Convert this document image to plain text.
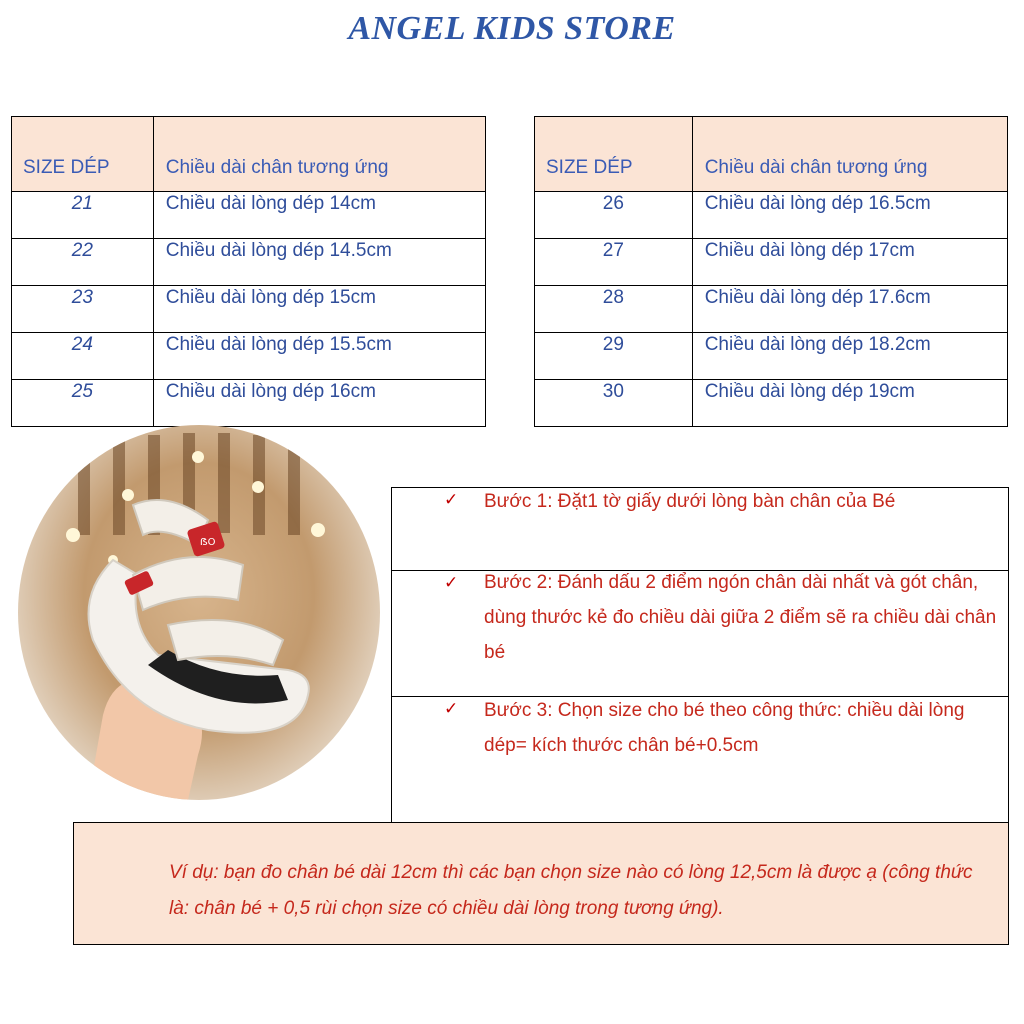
ANGEL KIDS STORE
SIZE DÉP	Chiều dài chân tương ứng
21	Chiều dài lòng dép 14cm
22	Chiều dài lòng dép 14.5cm
23	Chiều dài lòng dép 15cm
24	Chiều dài lòng dép 15.5cm
25	Chiều dài lòng dép 16cm
SIZE DÉP	Chiều dài chân tương ứng
26	Chiều dài lòng dép 16.5cm
27	Chiều dài lòng dép 17cm
28	Chiều dài lòng dép 17.6cm
29	Chiều dài lòng dép 18.2cm
30	Chiều dài lòng dép 19cm
ẞO
✓ Bước 1: Đặt1 tờ giấy dưới lòng bàn chân của Bé
✓ Bước 2: Đánh dấu 2 điểm ngón chân dài nhất và gót chân, dùng thước kẻ đo chiều dài giữa 2 điểm sẽ ra chiều dài chân bé
✓ Bước 3: Chọn size cho bé theo công thức: chiều dài lòng dép= kích thước chân bé+0.5cm
Ví dụ: bạn đo chân bé dài 12cm thì các bạn chọn size nào có lòng 12,5cm là được ạ (công thức là: chân bé + 0,5 rùi chọn size có chiều dài lòng trong tương ứng).
